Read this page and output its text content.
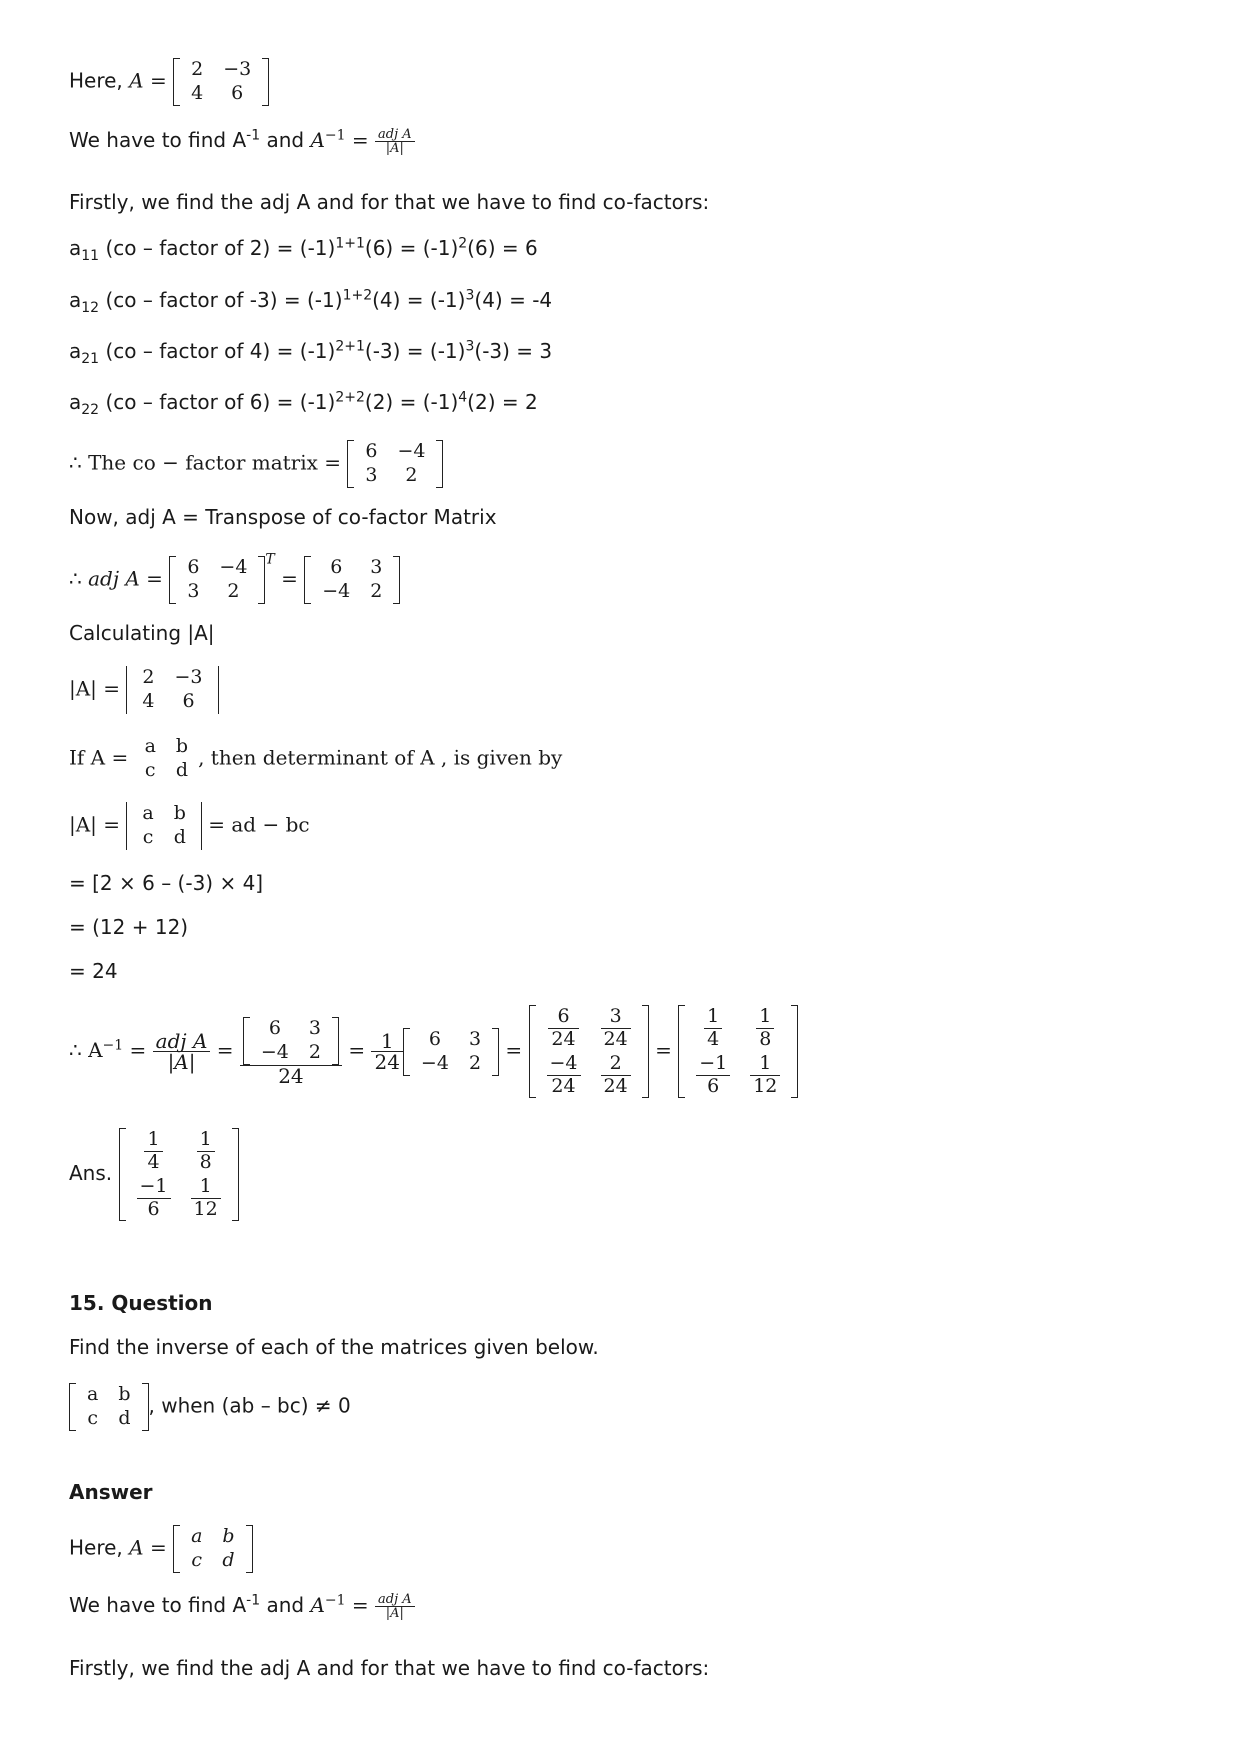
Here, A = 2	−3
4	6
We have to find $A^{-1}$ and $A^{-1} = \frac{\text{adj A}}{|A|}$
Firstly, we find the adj A and for that we have to find co-factors:
$a_{11}$ (co – factor of $2) = (-1)^{1+1}(6) = (-1)^2(6) = 6$
$a_{12}$ (co – factor of $-3) = (-1)^{1+2}(4) = (-1)^3(4) = -4$
$a_{21}$ (co – factor of $4) = (-1)^{2+1}(-3) = (-1)^3(-3) = 3$
$a_{22}$ (co – factor of $6) = (-1)^{2+2}(2) = (-1)^4(2) = 2$
∴ The co − factor matrix = 6	−4
3	2
Now, adj A = Transpose of co-factor Matrix
∴ adj A = 6	−4
3	2
$^T$ = 6	3
−4	2
Calculating |A|
|A| = 2	−3
4	6
If A = a	b
c	d
, then determinant of A , is given by
|A| = a	b
c	d
= ad − bc
= [2 × 6 – (-3) × 4]
= (12 + 12)
= 24
∴ $A^{-1} = \frac{\text{adj A}}{|A|} = 6$	3
−4	2
$24 = \frac{1}{24} 6$	3
−4	2
= $\frac{6}{24}$	$\frac{3}{24}$

$\frac{-4}{24}$	$\frac{2}{24}$
= $\frac{1}{4}$	$\frac{1}{8}$

$\frac{-1}{6}$	$\frac{1}{12}$
Ans. $\frac{1}{4}$	$\frac{1}{8}$

$\frac{-1}{6}$	$\frac{1}{12}$
15. Question
Find the inverse of each of the matrices given below.
a	b
c	d
, when (ab – bc) ≠ 0
Answer
Here, A = a	b
c	d
We have to find $A^{-1}$ and $A^{-1} = \frac{\text{adj A}}{|A|}$
Firstly, we find the adj A and for that we have to find co-factors:
